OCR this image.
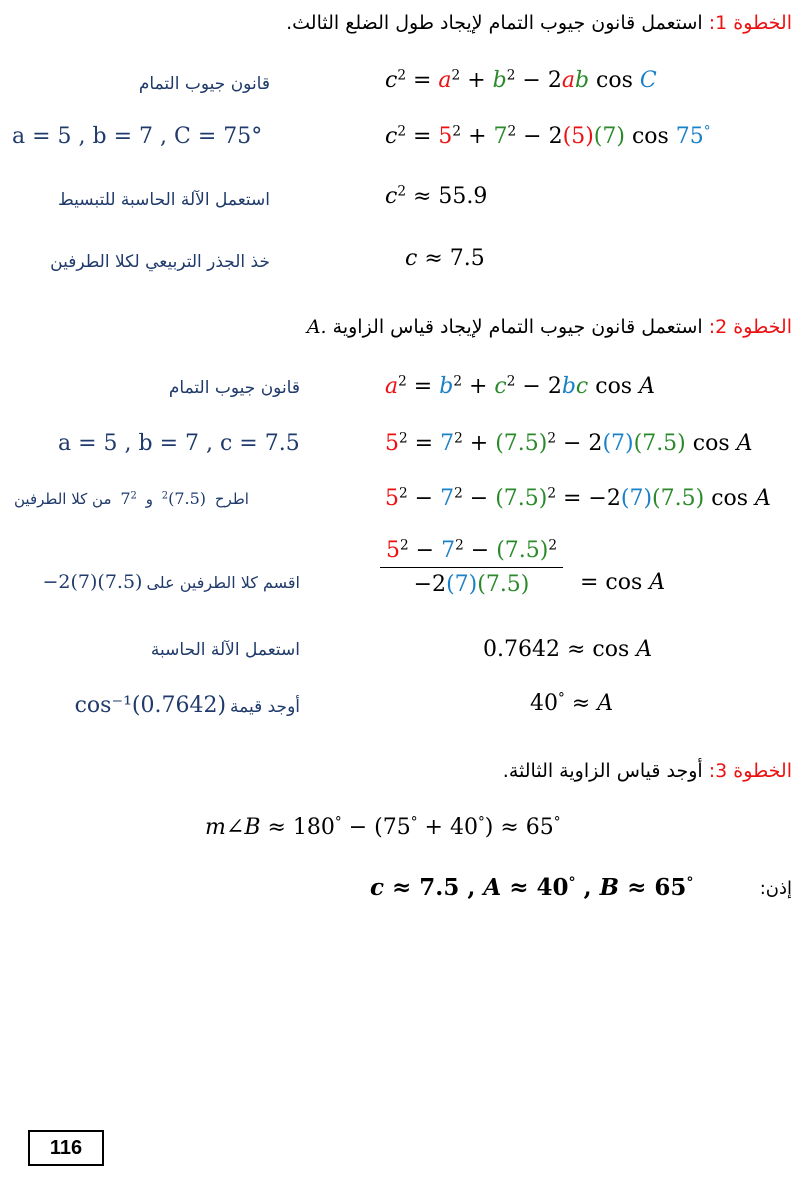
الخطوة 1: استعمل قانون جيوب التمام لإيجاد طول الضلع الثالث.
$c^2 = a^2 + b^2 - 2ab$ cos C
قانون جيوب التمام
$c^2 = 5^2 + 7^2 - 2(5)(7)$ cos 75°
a = 5 , b = 7 , C = 75°
$c^2 \approx 55.9$
استعمل الآلة الحاسبة للتبسيط
c ≈ 7.5
خذ الجذر التربيعي لكلا الطرفين
الخطوة 2: استعمل قانون جيوب التمام لإيجاد قياس الزاوية A.
$a^2 = b^2 + c^2 - 2bc$ cos A
قانون جيوب التمام
$5^2 = 7^2 + (7.5)^2 - 2(7)(7.5)$ cos A
a = 5 , b = 7 , c = 7.5
$5^2 - 7^2 - (7.5)^2 = -2(7)(7.5)$ cos A
من كلا الطرفين  $7^2$ و $^2$(7.5)  اطرح
$\frac{5^2 - 7^2 - (7.5)^2}{-2(7)(7.5)} = \cos A$
−2(7)(7.5) اقسم كلا الطرفين على
0.7642 ≈ cos A
استعمل الآلة الحاسبة
40° ≈ A
cos⁻¹(0.7642) أوجد قيمة
الخطوة 3: أوجد قياس الزاوية الثالثة.
m∠B ≈ 180° − (75° + 40°) ≈ 65°
c ≈ 7.5 , A ≈ 40° , B ≈ 65°	إذن:
116
